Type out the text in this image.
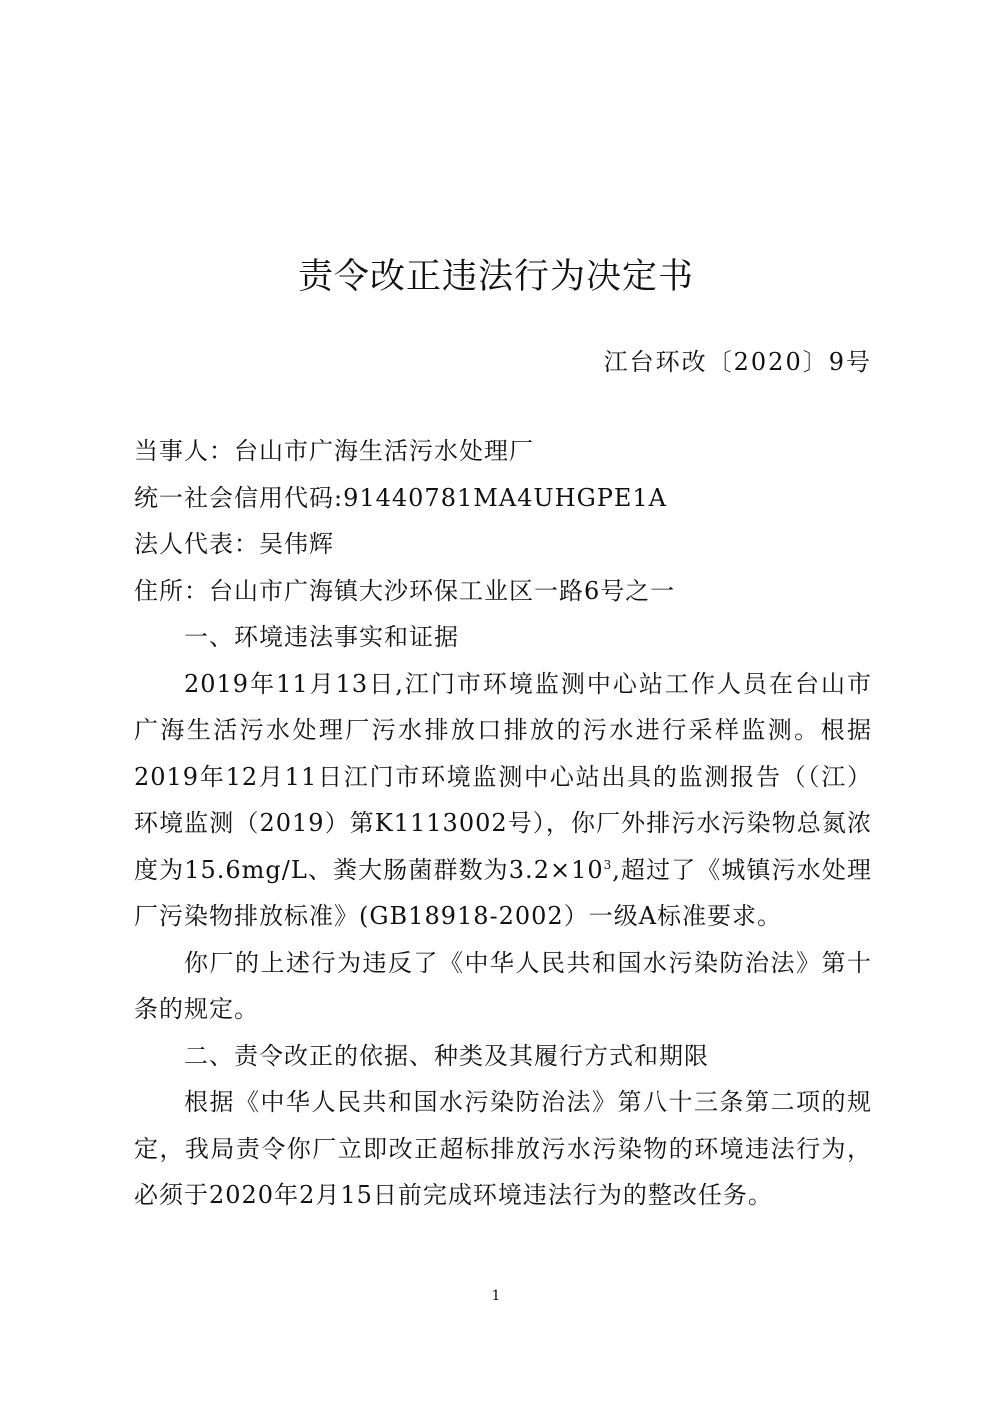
责令改正违法行为决定书
江台环改〔2020〕9号

当事人：台山市广海生活污水处理厂

统一社会信用代码:91440781MA4UHGPE1A

法人代表：吴伟辉

住所：台山市广海镇大沙环保工业区一路6号之一

一、环境违法事实和证据

2019年11月13日,江门市环境监测中心站工作人员在台山市广海生活污水处理厂污水排放口排放的污水进行采样监测。根据2019年12月11日江门市环境监测中心站出具的监测报告（（江）环境监测（2019）第K1113002号），你厂外排污水污染物总氮浓度为15.6mg/L、粪大肠菌群数为$3.2\times 10^3$,超过了《城镇污水处理厂污染物排放标准》(GB18918-2002）一级A标准要求。

你厂的上述行为违反了《中华人民共和国水污染防治法》第十条的规定。

二、责令改正的依据、种类及其履行方式和期限

根据《中华人民共和国水污染防治法》第八十三条第二项的规定，我局责令你厂立即改正超标排放污水污染物的环境违法行为，必须于2020年2月15日前完成环境违法行为的整改任务。

1
